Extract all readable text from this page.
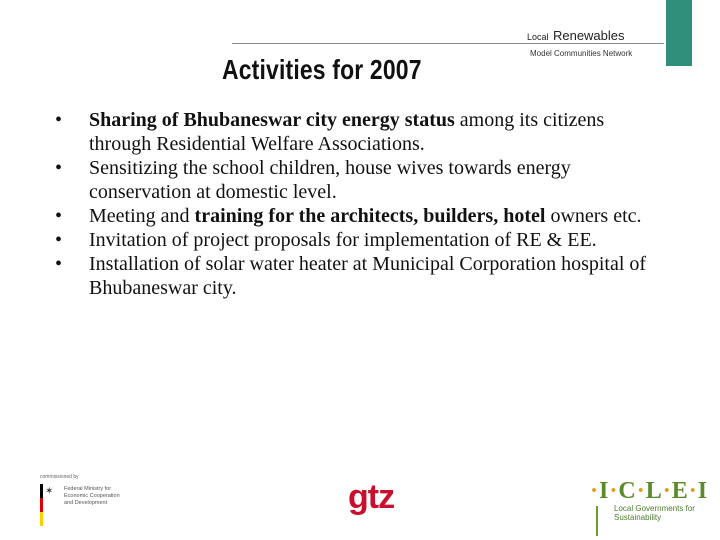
Local Renewables
Model Communities Network
Activities for 2007
• Sharing of Bhubaneswar city energy status among its citizens through Residential Welfare Associations.
• Sensitizing the school children, house wives towards energy conservation at domestic level.
• Meeting and training for the architects, builders, hotel owners etc.
• Invitation of project proposals for implementation of RE & EE.
• Installation of solar water heater at Municipal Corporation hospital of Bhubaneswar city.
commissioned by
✶ Federal Ministry for Economic Cooperation and Development	gtz	·I·C·L·E·I
Local Governments for Sustainability
